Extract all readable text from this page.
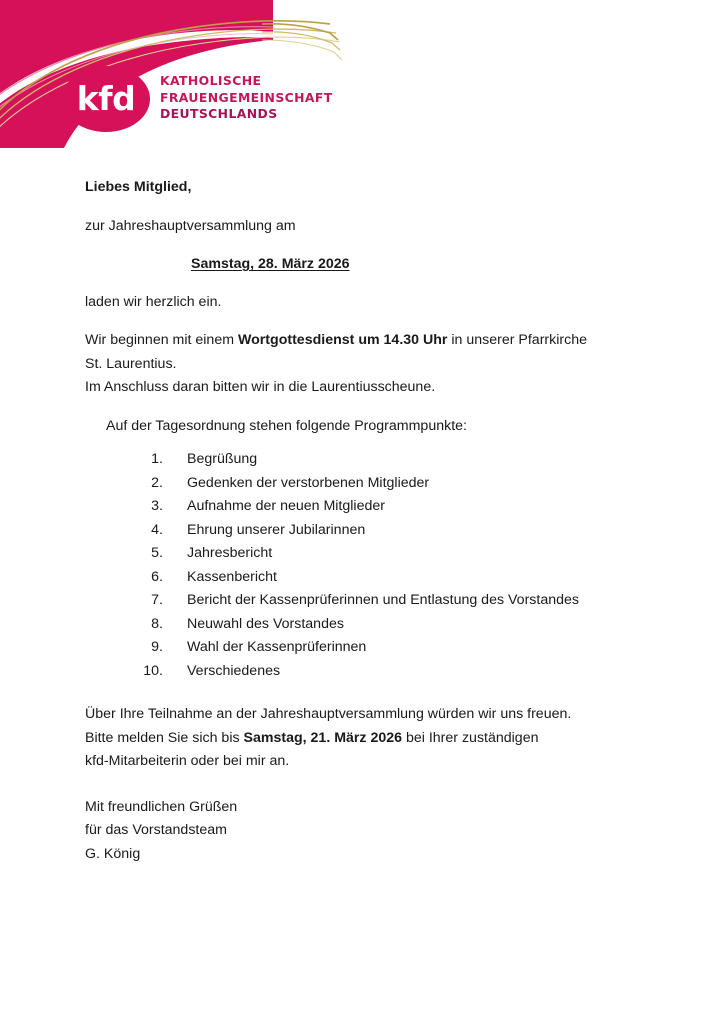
kfd KATHOLISCHE
FRAUENGEMEINSCHAFT
DEUTSCHLANDS

Liebes Mitglied,

zur Jahreshauptversammlung am

Samstag, 28. März 2026

laden wir herzlich ein.

Wir beginnen mit einem Wortgottesdienst um 14.30 Uhr in unserer Pfarrkirche

St. Laurentius.

Im Anschluss daran bitten wir in die Laurentiusscheune.

Auf der Tagesordnung stehen folgende Programmpunkte:

1.	Begrüßung
2.	Gedenken der verstorbenen Mitglieder
3.	Aufnahme der neuen Mitglieder
4.	Ehrung unserer Jubilarinnen
5.	Jahresbericht
6.	Kassenbericht
7.	Bericht der Kassenprüferinnen und Entlastung des Vorstandes
8.	Neuwahl des Vorstandes
9.	Wahl der Kassenprüferinnen
10.	Verschiedenes

Über Ihre Teilnahme an der Jahreshauptversammlung würden wir uns freuen.

Bitte melden Sie sich bis Samstag, 21. März 2026 bei Ihrer zuständigen

kfd-Mitarbeiterin oder bei mir an.

Mit freundlichen Grüßen

für das Vorstandsteam

G. König
